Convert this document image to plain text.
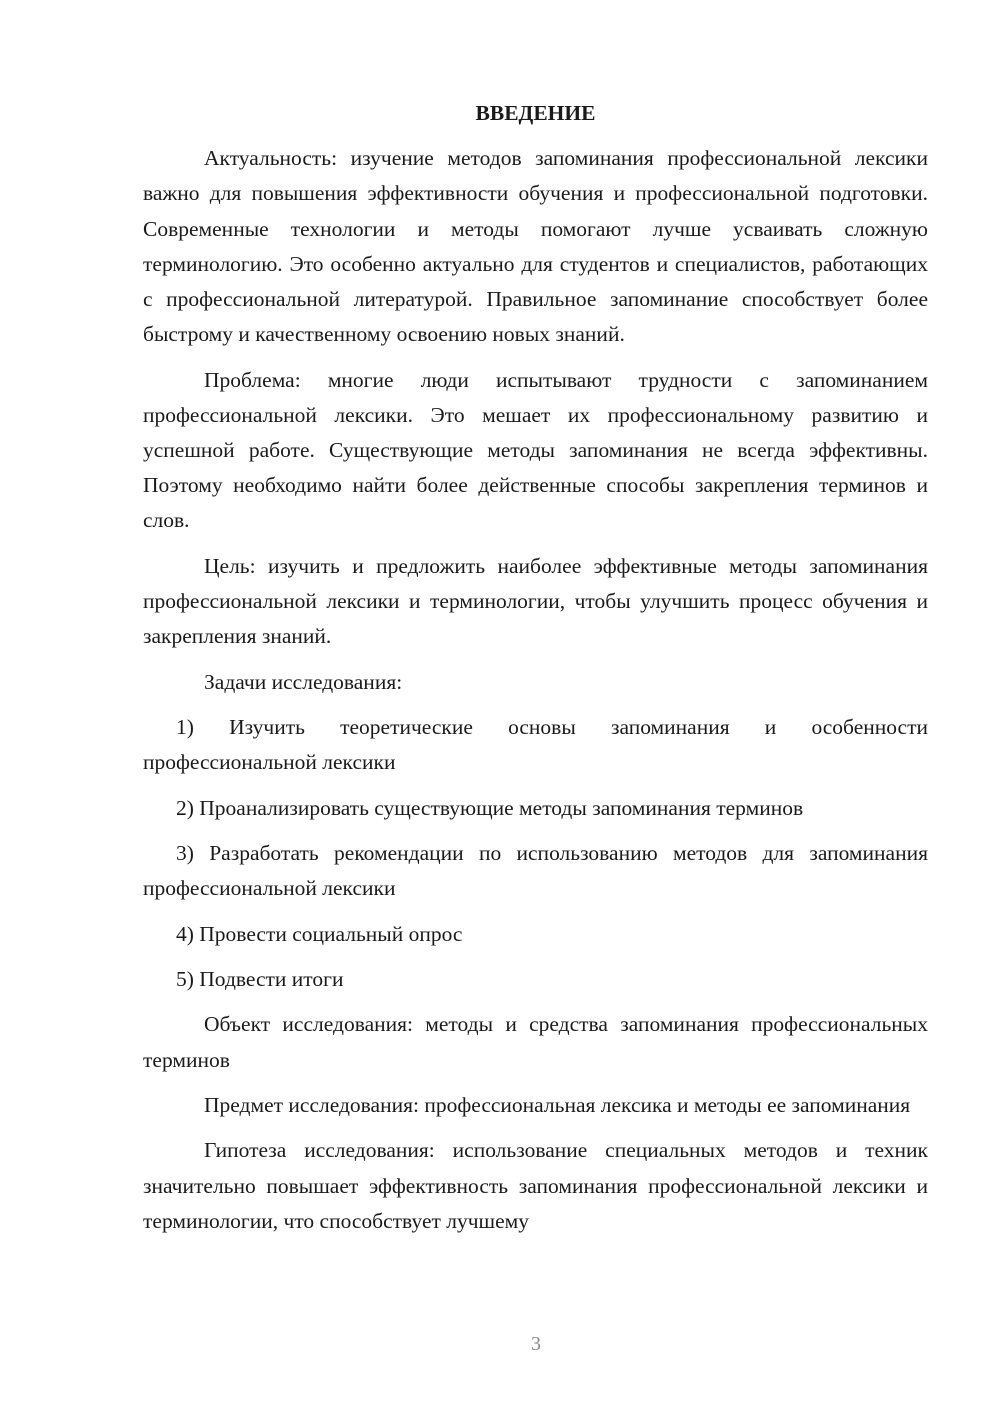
ВВЕДЕНИЕ

Актуальность: изучение методов запоминания профессиональной лексики важно для повышения эффективности обучения и профессиональной подготовки. Современные технологии и методы помогают лучше усваивать сложную терминологию. Это особенно актуально для студентов и специалистов, работающих с профессиональной литературой. Правильное запоминание способствует более быстрому и качественному освоению новых знаний.

Проблема: многие люди испытывают трудности с запоминанием профессиональной лексики. Это мешает их профессиональному развитию и успешной работе. Существующие методы запоминания не всегда эффективны. Поэтому необходимо найти более действенные способы закрепления терминов и слов.

Цель: изучить и предложить наиболее эффективные методы запоминания профессиональной лексики и терминологии, чтобы улучшить процесс обучения и закрепления знаний.

Задачи исследования:

1) Изучить теоретические основы запоминания и особенности профессиональной лексики

2) Проанализировать существующие методы запоминания терминов

3) Разработать рекомендации по использованию методов для запоминания профессиональной лексики

4) Провести социальный опрос

5) Подвести итоги

Объект исследования: методы и средства запоминания профессиональных терминов

Предмет исследования: профессиональная лексика и методы ее запоминания

Гипотеза исследования: использование специальных методов и техник значительно повышает эффективность запоминания профессиональной лексики и терминологии, что способствует лучшему

3
